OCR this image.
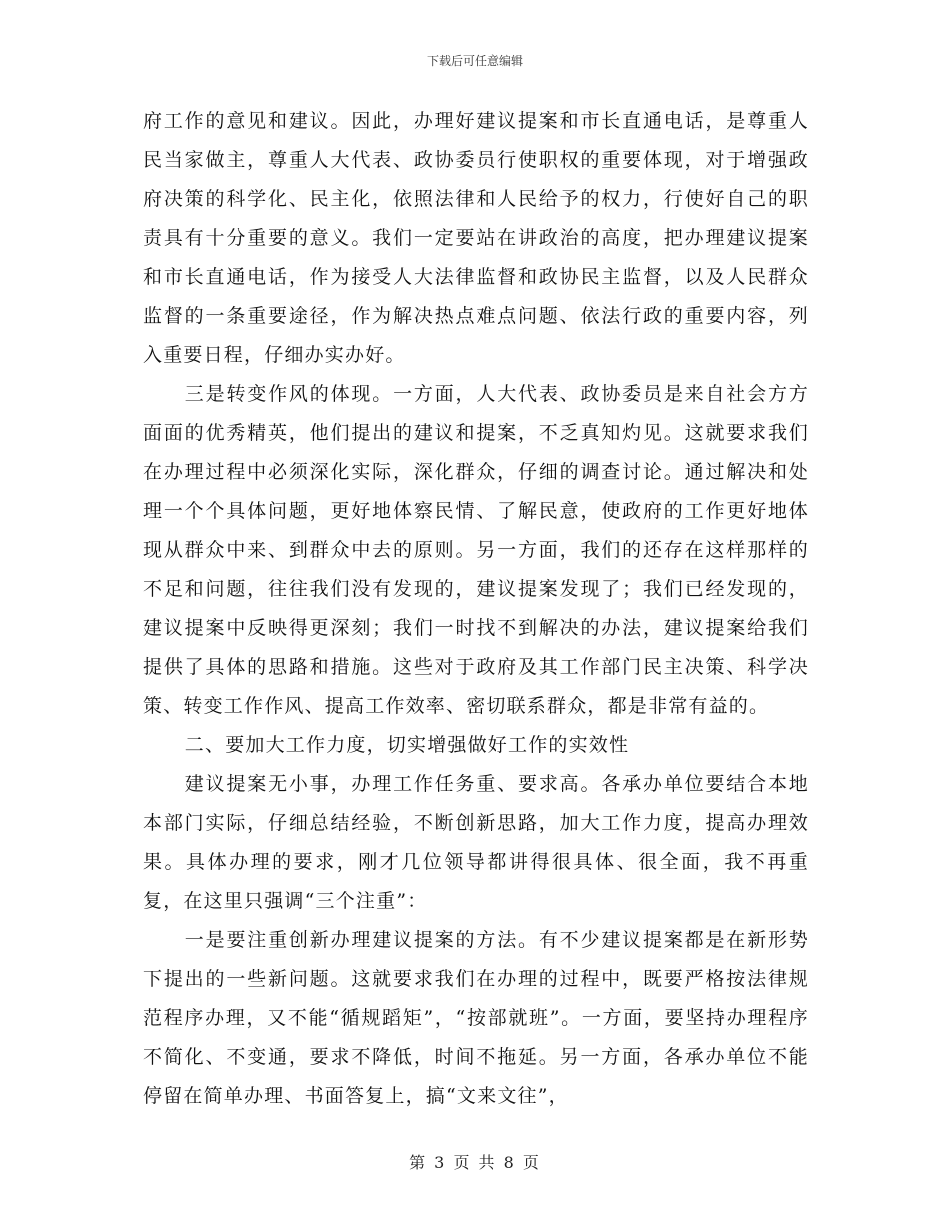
下载后可任意编辑

府工作的意见和建议。因此，办理好建议提案和市长直通电话，是尊重人民当家做主，尊重人大代表、政协委员行使职权的重要体现，对于增强政府决策的科学化、民主化，依照法律和人民给予的权力，行使好自己的职责具有十分重要的意义。我们一定要站在讲政治的高度，把办理建议提案和市长直通电话，作为接受人大法律监督和政协民主监督，以及人民群众监督的一条重要途径，作为解决热点难点问题、依法行政的重要内容，列入重要日程，仔细办实办好。

三是转变作风的体现。一方面，人大代表、政协委员是来自社会方方面面的优秀精英，他们提出的建议和提案，不乏真知灼见。这就要求我们在办理过程中必须深化实际，深化群众，仔细的调查讨论。通过解决和处理一个个具体问题，更好地体察民情、了解民意，使政府的工作更好地体现从群众中来、到群众中去的原则。另一方面，我们的还存在这样那样的不足和问题，往往我们没有发现的，建议提案发现了；我们已经发现的，建议提案中反映得更深刻；我们一时找不到解决的办法，建议提案给我们提供了具体的思路和措施。这些对于政府及其工作部门民主决策、科学决策、转变工作作风、提高工作效率、密切联系群众，都是非常有益的。

二、要加大工作力度，切实增强做好工作的实效性

建议提案无小事，办理工作任务重、要求高。各承办单位要结合本地本部门实际，仔细总结经验，不断创新思路，加大工作力度，提高办理效果。具体办理的要求，刚才几位领导都讲得很具体、很全面，我不再重复，在这里只强调“三个注重”：

一是要注重创新办理建议提案的方法。有不少建议提案都是在新形势下提出的一些新问题。这就要求我们在办理的过程中，既要严格按法律规范程序办理，又不能“循规蹈矩”，“按部就班”。一方面，要坚持办理程序不简化、不变通，要求不降低，时间不拖延。另一方面，各承办单位不能停留在简单办理、书面答复上，搞“文来文往”，

第 3 页 共 8 页
